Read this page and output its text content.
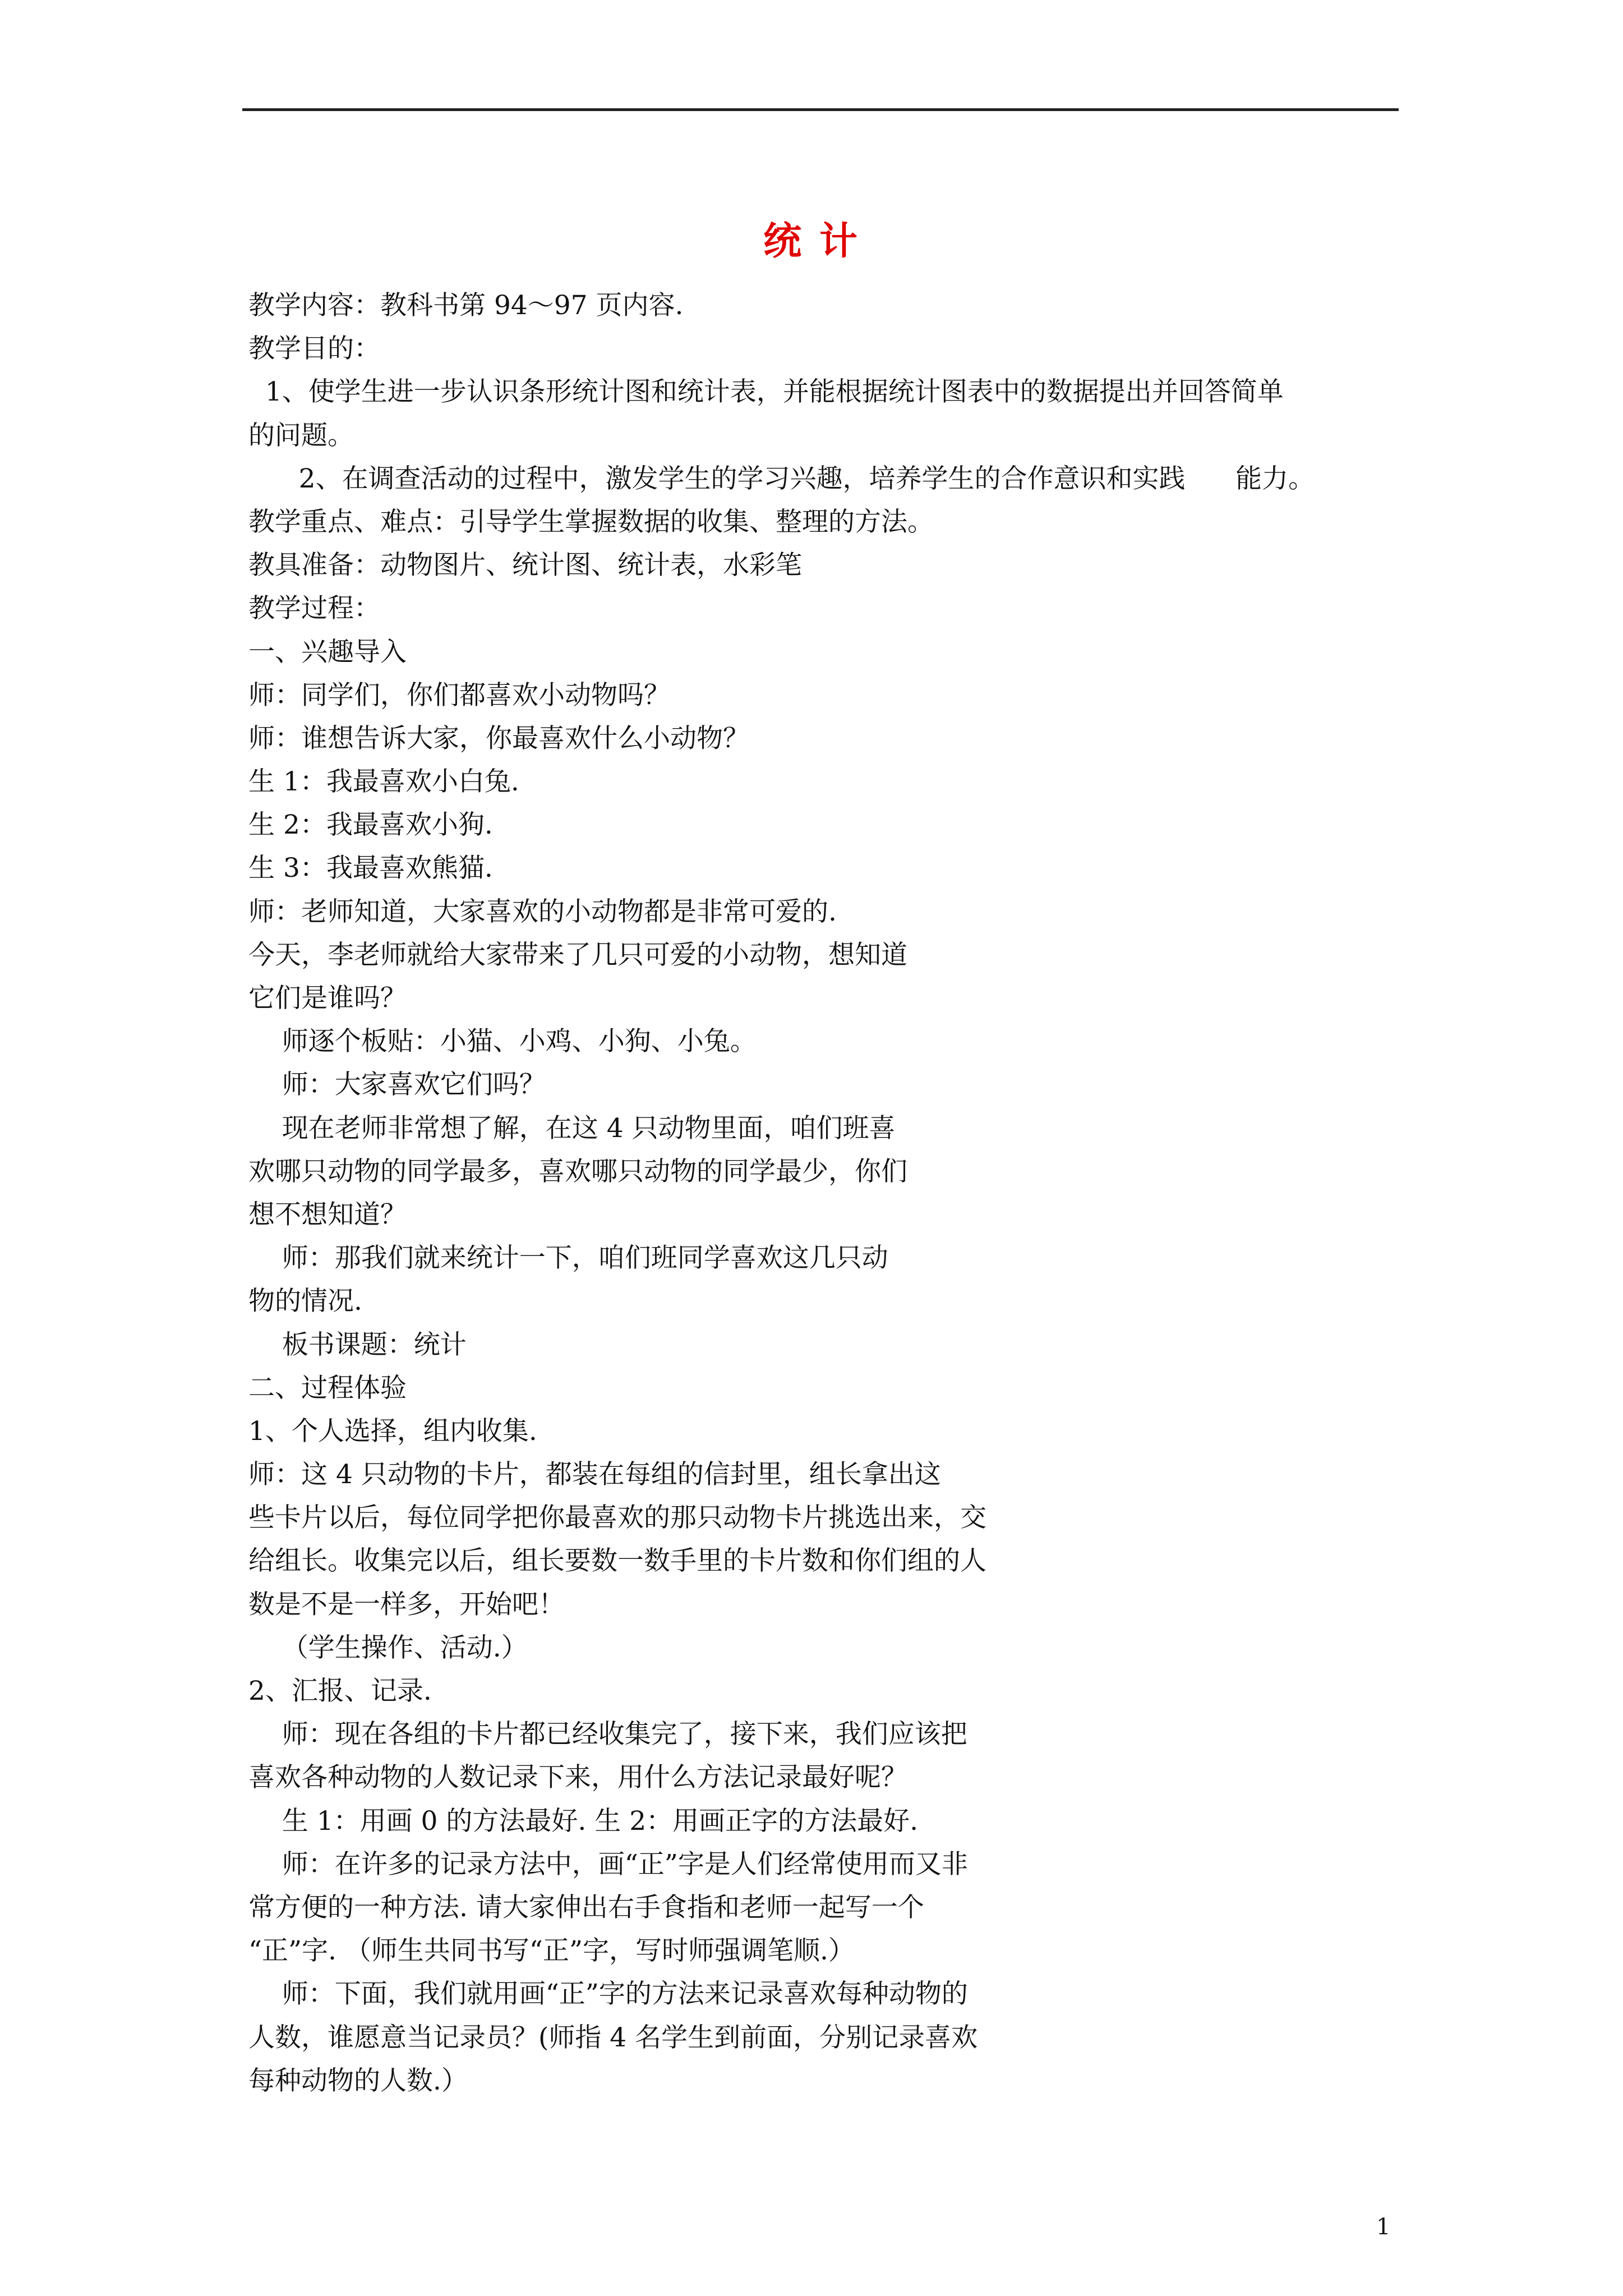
统 计
教学内容：教科书第 94～97 页内容.
教学目的：
1、使学生进一步认识条形统计图和统计表，并能根据统计图表中的数据提出并回答简单
的问题。
2、在调查活动的过程中，激发学生的学习兴趣，培养学生的合作意识和实践      能力。
教学重点、难点：引导学生掌握数据的收集、整理的方法。
教具准备：动物图片、统计图、统计表，水彩笔
教学过程：
一、兴趣导入
师：同学们，你们都喜欢小动物吗？
师：谁想告诉大家，你最喜欢什么小动物？
生 1：我最喜欢小白兔.
生 2：我最喜欢小狗.
生 3：我最喜欢熊猫.
师：老师知道，大家喜欢的小动物都是非常可爱的.
今天，李老师就给大家带来了几只可爱的小动物，想知道
它们是谁吗？
师逐个板贴：小猫、小鸡、小狗、小兔。
师：大家喜欢它们吗？
现在老师非常想了解，在这 4 只动物里面，咱们班喜
欢哪只动物的同学最多，喜欢哪只动物的同学最少，你们
想不想知道？
师：那我们就来统计一下，咱们班同学喜欢这几只动
物的情况.
板书课题：统计
二、过程体验
1、个人选择，组内收集.
师：这 4 只动物的卡片，都装在每组的信封里，组长拿出这
些卡片以后，每位同学把你最喜欢的那只动物卡片挑选出来，交
给组长。收集完以后，组长要数一数手里的卡片数和你们组的人
数是不是一样多，开始吧！
（学生操作、活动.）
2、汇报、记录.
师：现在各组的卡片都已经收集完了，接下来，我们应该把
喜欢各种动物的人数记录下来，用什么方法记录最好呢？
生 1：用画 0 的方法最好. 生 2：用画正字的方法最好.
师：在许多的记录方法中，画“正”字是人们经常使用而又非
常方便的一种方法. 请大家伸出右手食指和老师一起写一个
“正”字. （师生共同书写“正”字，写时师强调笔顺.）
师：下面，我们就用画“正”字的方法来记录喜欢每种动物的
人数，谁愿意当记录员？(师指 4 名学生到前面，分别记录喜欢
每种动物的人数.）
1
